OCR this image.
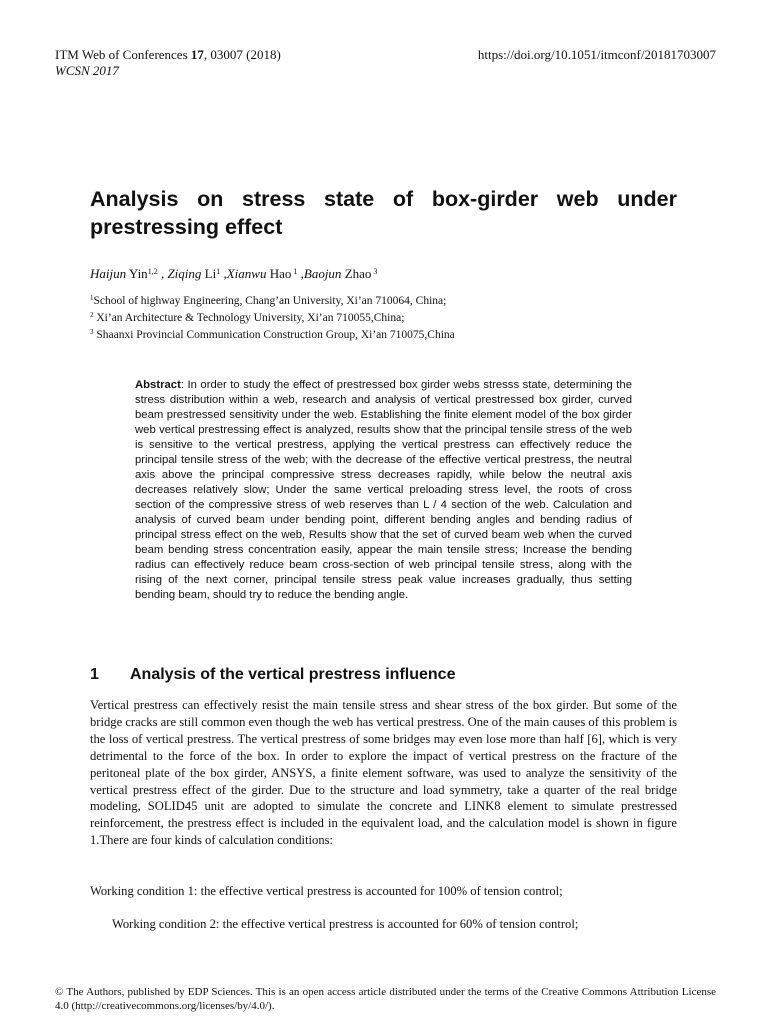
ITM Web of Conferences 17, 03007 (2018)	https://doi.org/10.1051/itmconf/20181703007
WCSN 2017
Analysis on stress state of box-girder web under prestressing effect
Haijun Yin$^{1,2}$ , Ziqing Li$^1$ ,Xianwu Hao $^1$ ,Baojun Zhao $^3$
$^1$School of highway Engineering, Chang’an University, Xi’an 710064, China;
$^2$ Xi’an Architecture & Technology University, Xi’an 710055,China;
$^3$ Shaanxi Provincial Communication Construction Group, Xi’an 710075,China

Abstract: In order to study the effect of prestressed box girder webs stresss state, determining the stress distribution within a web, research and analysis of vertical prestressed box girder, curved beam prestressed sensitivity under the web. Establishing the finite element model of the box girder web vertical prestressing effect is analyzed, results show that the principal tensile stress of the web is sensitive to the vertical prestress, applying the vertical prestress can effectively reduce the principal tensile stress of the web; with the decrease of the effective vertical prestress, the neutral axis above the principal compressive stress decreases rapidly, while below the neutral axis decreases relatively slow; Under the same vertical preloading stress level, the roots of cross section of the compressive stress of web reserves than L / 4 section of the web. Calculation and analysis of curved beam under bending point, different bending angles and bending radius of principal stress effect on the web, Results show that the set of curved beam web when the curved beam bending stress concentration easily, appear the main tensile stress; Increase the bending radius can effectively reduce beam cross-section of web principal tensile stress, along with the rising of the next corner, principal tensile stress peak value increases gradually, thus setting bending beam, should try to reduce the bending angle.

1 Analysis of the vertical prestress influence

Vertical prestress can effectively resist the main tensile stress and shear stress of the box girder. But some of the bridge cracks are still common even though the web has vertical prestress. One of the main causes of this problem is the loss of vertical prestress. The vertical prestress of some bridges may even lose more than half [6], which is very detrimental to the force of the box. In order to explore the impact of vertical prestress on the fracture of the peritoneal plate of the box girder, ANSYS, a finite element software, was used to analyze the sensitivity of the vertical prestress effect of the girder. Due to the structure and load symmetry, take a quarter of the real bridge modeling, SOLID45 unit are adopted to simulate the concrete and LINK8 element to simulate prestressed reinforcement, the prestress effect is included in the equivalent load, and the calculation model is shown in figure 1.There are four kinds of calculation conditions:

Working condition 1: the effective vertical prestress is accounted for 100% of tension control;

Working condition 2: the effective vertical prestress is accounted for 60% of tension control;

© The Authors, published by EDP Sciences. This is an open access article distributed under the terms of the Creative Commons Attribution License 4.0 (http://creativecommons.org/licenses/by/4.0/).
